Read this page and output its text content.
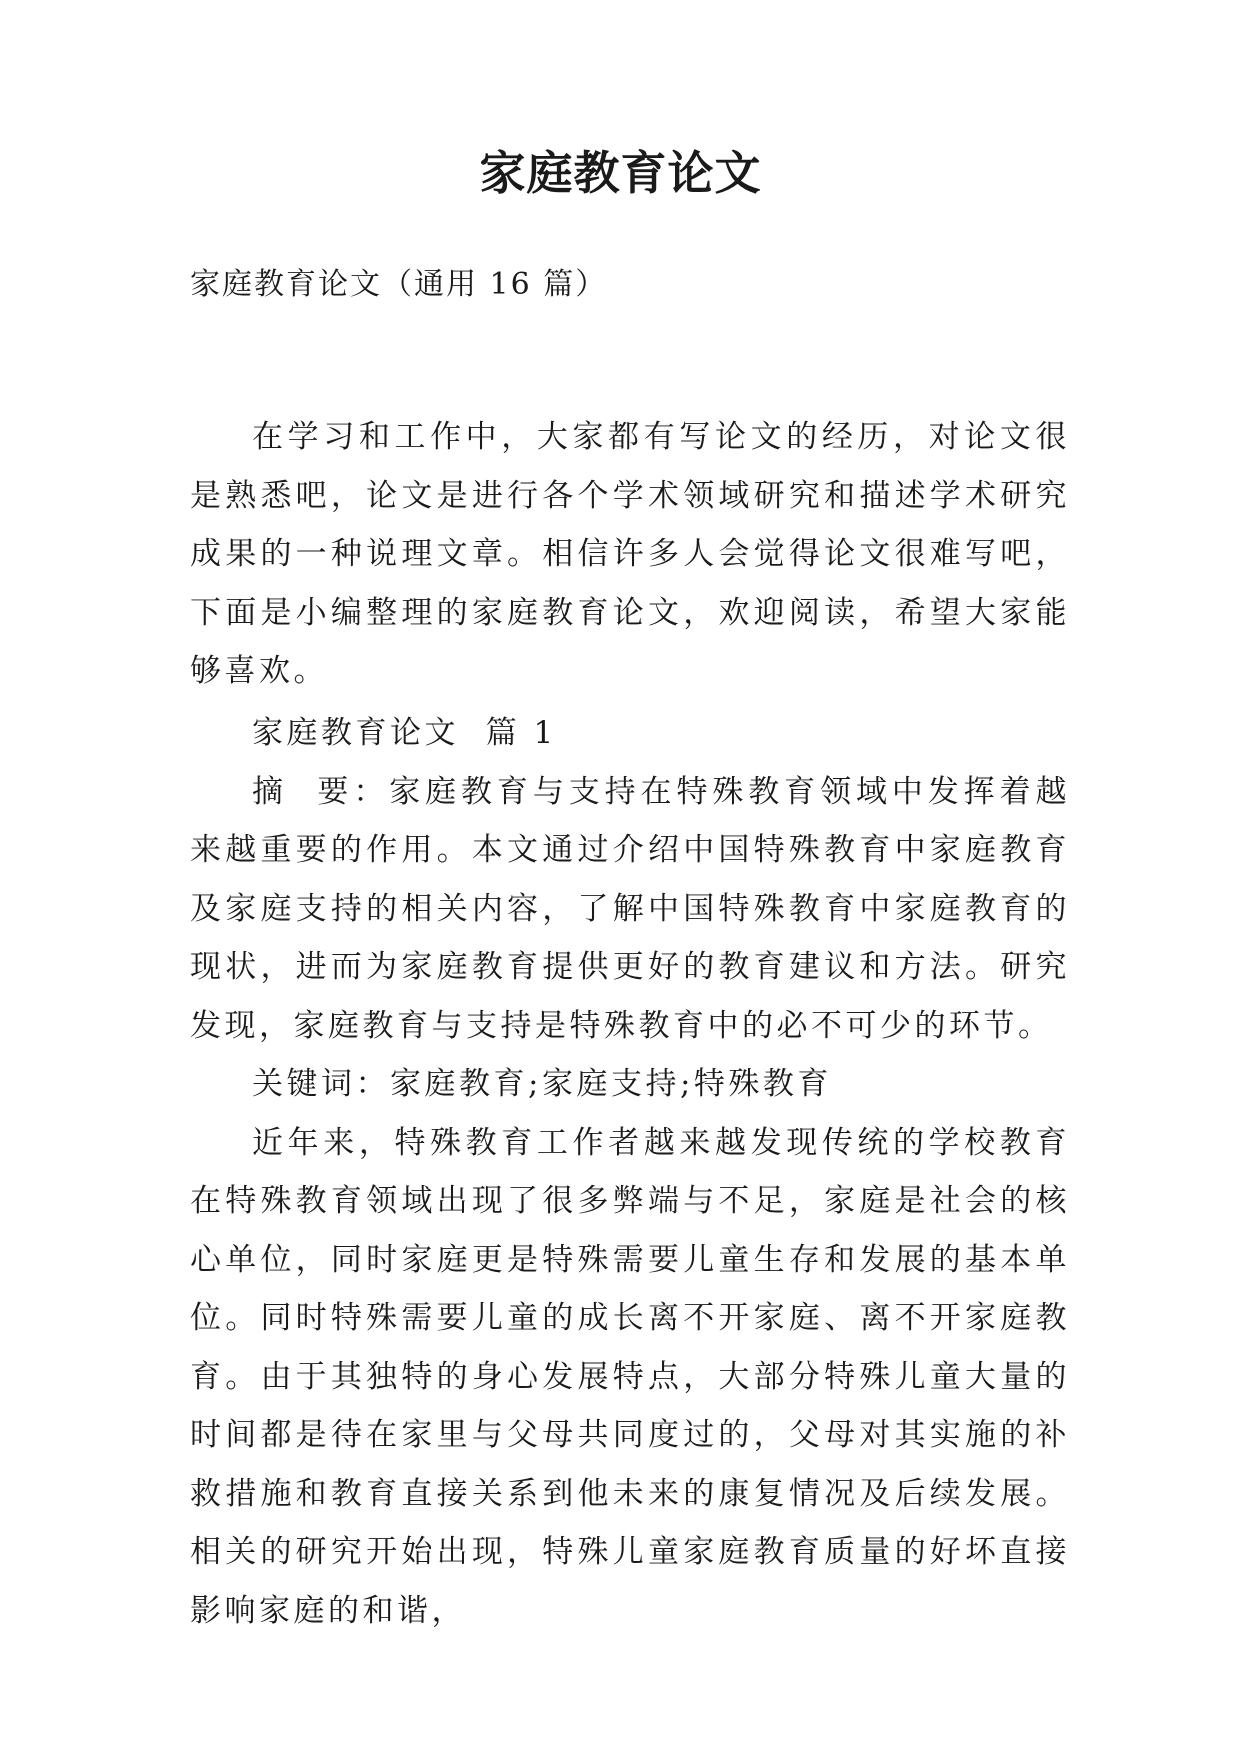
家庭教育论文
家庭教育论文（通用 16 篇）

在学习和工作中，大家都有写论文的经历，对论文很是熟悉吧，论文是进行各个学术领域研究和描述学术研究成果的一种说理文章。相信许多人会觉得论文很难写吧，下面是小编整理的家庭教育论文，欢迎阅读，希望大家能够喜欢。

家庭教育论文  篇 1

摘  要：家庭教育与支持在特殊教育领域中发挥着越来越重要的作用。本文通过介绍中国特殊教育中家庭教育及家庭支持的相关内容，了解中国特殊教育中家庭教育的现状，进而为家庭教育提供更好的教育建议和方法。研究发现，家庭教育与支持是特殊教育中的必不可少的环节。

关键词：家庭教育;家庭支持;特殊教育

近年来，特殊教育工作者越来越发现传统的学校教育在特殊教育领域出现了很多弊端与不足，家庭是社会的核心单位，同时家庭更是特殊需要儿童生存和发展的基本单位。同时特殊需要儿童的成长离不开家庭、离不开家庭教育。由于其独特的身心发展特点，大部分特殊儿童大量的时间都是待在家里与父母共同度过的，父母对其实施的补救措施和教育直接关系到他未来的康复情况及后续发展。相关的研究开始出现，特殊儿童家庭教育质量的好坏直接影响家庭的和谐，
